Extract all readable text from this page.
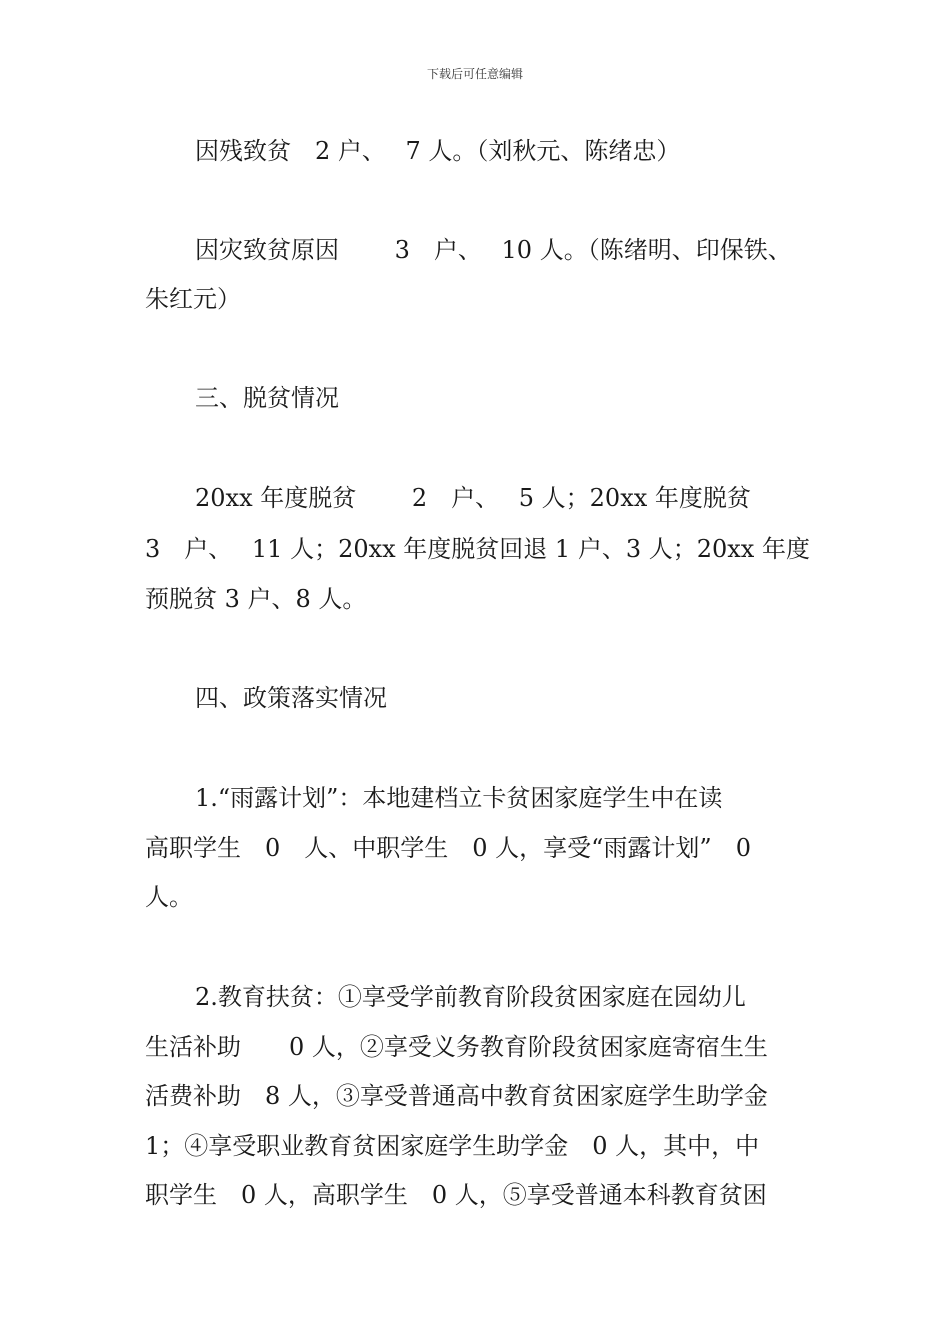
下载后可任意编辑
因残致贫　2 户、　 7 人。（刘秋元、陈绪忠）
因灾致贫原因　　 3　户、　 10 人。（陈绪明、印保铁、
朱红元）
三、脱贫情况
20xx 年度脱贫　　 2　户、　 5 人；20xx 年度脱贫
3　户、　 11 人；20xx 年度脱贫回退 1 户、3 人；20xx 年度
预脱贫 3 户、8 人。
四、政策落实情况
1.“雨露计划”：本地建档立卡贫困家庭学生中在读
高职学生　0　人、中职学生　0 人，享受“雨露计划”　0
人。
2.教育扶贫：①享受学前教育阶段贫困家庭在园幼儿
生活补助　　0 人，②享受义务教育阶段贫困家庭寄宿生生
活费补助　8 人，③享受普通高中教育贫困家庭学生助学金
1；④享受职业教育贫困家庭学生助学金　0 人，其中，中
职学生　0 人，高职学生　0 人，⑤享受普通本科教育贫困
